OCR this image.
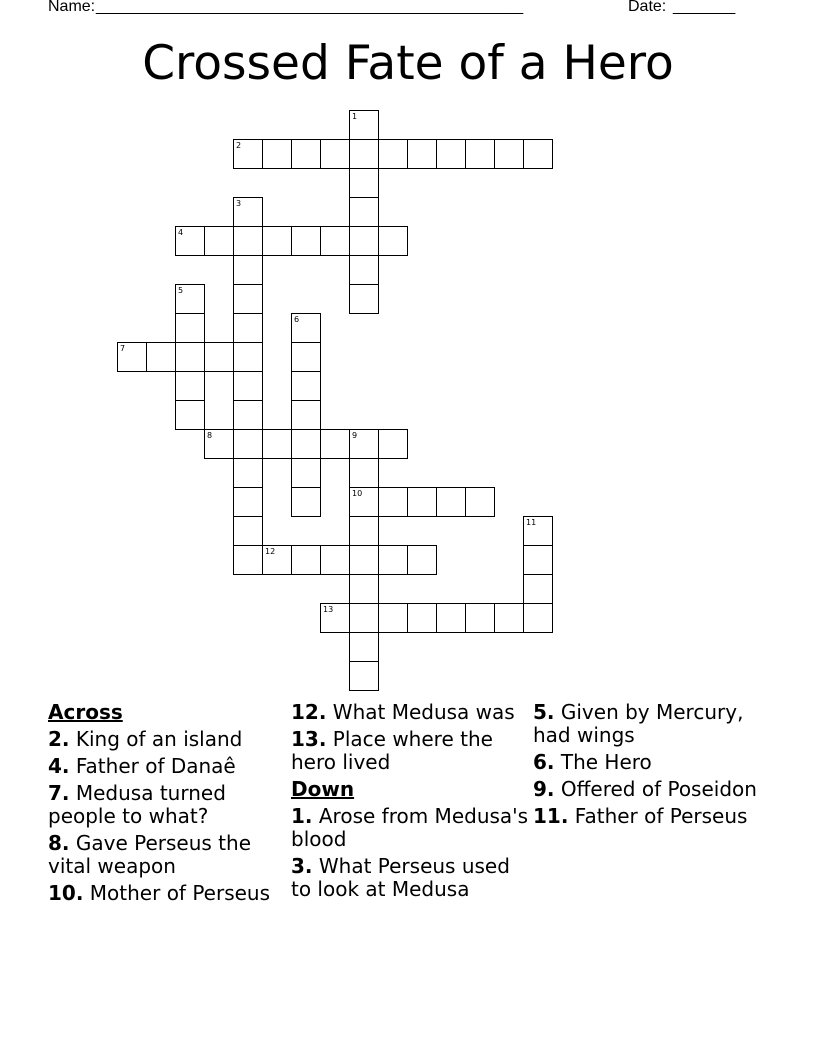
Name: ________________________________________________	Date: _______
Crossed Fate of a Hero
1
2
3
4
5
6
7
8	9
10
11
12
13
Across
2. King of an island
4. Father of Danaê
7. Medusa turned people to what?
8. Gave Perseus the vital weapon
10. Mother of Perseus
12. What Medusa was
13. Place where the hero lived
Down
1. Arose from Medusa's blood
3. What Perseus used to look at Medusa
5. Given by Mercury, had wings
6. The Hero
9. Offered of Poseidon
11. Father of Perseus
